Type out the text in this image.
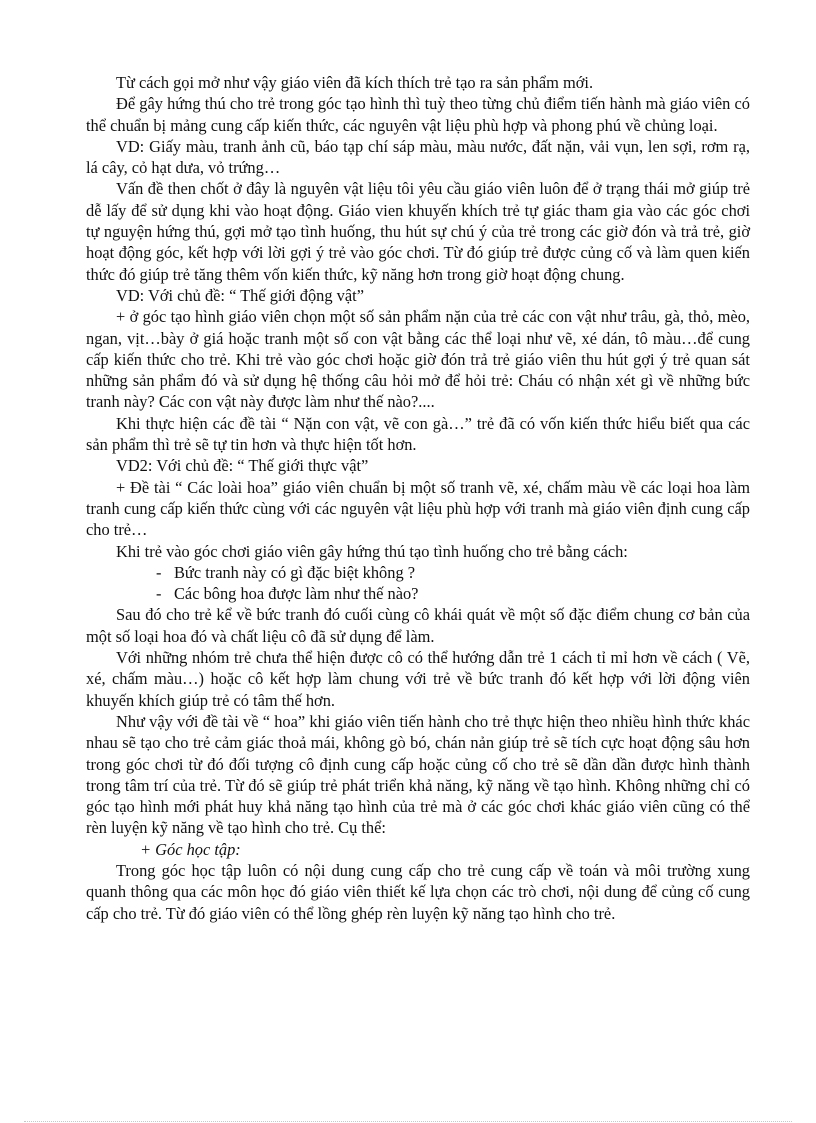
Từ cách gọi mở như vậy giáo viên đã kích thích trẻ tạo ra sản phẩm mới.

Để gây hứng thú cho trẻ trong góc tạo hình thì tuỳ theo từng chủ điểm tiến hành mà giáo viên có thể chuẩn bị mảng cung cấp kiến thức, các nguyên vật liệu phù hợp và phong phú về chủng loại.

VD: Giấy màu, tranh ảnh cũ, báo tạp chí sáp màu, màu nước, đất nặn, vải vụn, len sợi, rơm rạ, lá cây, cỏ hạt dưa, vỏ trứng…

Vấn đề then chốt ở đây là nguyên vật liệu tôi yêu cầu giáo viên luôn để ở trạng thái mở giúp trẻ dễ lấy để sử dụng khi vào hoạt động. Giáo vien khuyến khích trẻ tự giác tham gia vào các góc chơi tự nguyện hứng thú, gợi mở tạo tình huống, thu hút sự chú ý của trẻ trong các giờ đón và trả trẻ, giờ hoạt động góc, kết hợp với lời gợi ý trẻ vào góc chơi. Từ đó giúp trẻ được củng cố và làm quen kiến thức đó giúp trẻ tăng thêm vốn kiến thức, kỹ năng hơn trong giờ hoạt động chung.

VD: Với chủ đề: “ Thế giới động vật”

+ ở góc tạo hình giáo viên chọn một số sản phẩm nặn của trẻ các con vật như trâu, gà, thỏ, mèo, ngan, vịt…bày ở giá hoặc tranh một số con vật bằng các thể loại như vẽ, xé dán, tô màu…để cung cấp kiến thức cho trẻ. Khi trẻ vào góc chơi hoặc giờ đón trả trẻ giáo viên thu hút gợi ý trẻ quan sát những sản phẩm đó và sử dụng hệ thống câu hỏi mở để hỏi trẻ: Cháu có nhận xét gì về những bức tranh này? Các con vật này được làm như thế nào?....

Khi thực hiện các đề tài “ Nặn con vật, vẽ con gà…” trẻ đã có vốn kiến thức hiểu biết qua các sản phẩm thì trẻ sẽ tự tin hơn và thực hiện tốt hơn.

VD2: Với chủ đề: “ Thế giới thực vật”

+ Đề tài “ Các loài hoa” giáo viên chuẩn bị một số tranh vẽ, xé, chấm màu về các loại hoa làm tranh cung cấp kiến thức cùng với các nguyên vật liệu phù hợp với tranh mà giáo viên định cung cấp cho trẻ…

Khi trẻ vào góc chơi giáo viên gây hứng thú tạo tình huống cho trẻ bằng cách:

- Bức tranh này có gì đặc biệt không ?
- Các bông hoa được làm như thế nào?

Sau đó cho trẻ kể về bức tranh đó cuối cùng cô khái quát về một số đặc điểm chung cơ bản của một số loại hoa đó và chất liệu cô đã sử dụng để làm.

Với những nhóm trẻ chưa thể hiện được cô có thể hướng dẫn trẻ 1 cách tỉ mỉ hơn về cách ( Vẽ, xé, chấm màu…) hoặc cô kết hợp làm chung với trẻ về bức tranh đó kết hợp với lời động viên khuyến khích giúp trẻ có tâm thế hơn.

Như vậy với đề tài về “ hoa” khi giáo viên tiến hành cho trẻ thực hiện theo nhiều hình thức khác nhau sẽ tạo cho trẻ cảm giác thoả mái, không gò bó, chán nản giúp trẻ sẽ tích cực hoạt động sâu hơn trong góc chơi từ đó đối tượng cô định cung cấp hoặc củng cố cho trẻ sẽ dần dần được hình thành trong tâm trí của trẻ. Từ đó sẽ giúp trẻ phát triển khả năng, kỹ năng về tạo hình. Không những chỉ có góc tạo hình mới phát huy khả năng tạo hình của trẻ mà ở các góc chơi khác giáo viên cũng có thể rèn luyện kỹ năng về tạo hình cho trẻ. Cụ thể:

+ Góc học tập:

Trong góc học tập luôn có nội dung cung cấp cho trẻ cung cấp về toán và môi trường xung quanh thông qua các môn học đó giáo viên thiết kế lựa chọn các trò chơi, nội dung để củng cố cung cấp cho trẻ. Từ đó giáo viên có thể lồng ghép rèn luyện kỹ năng tạo hình cho trẻ.
